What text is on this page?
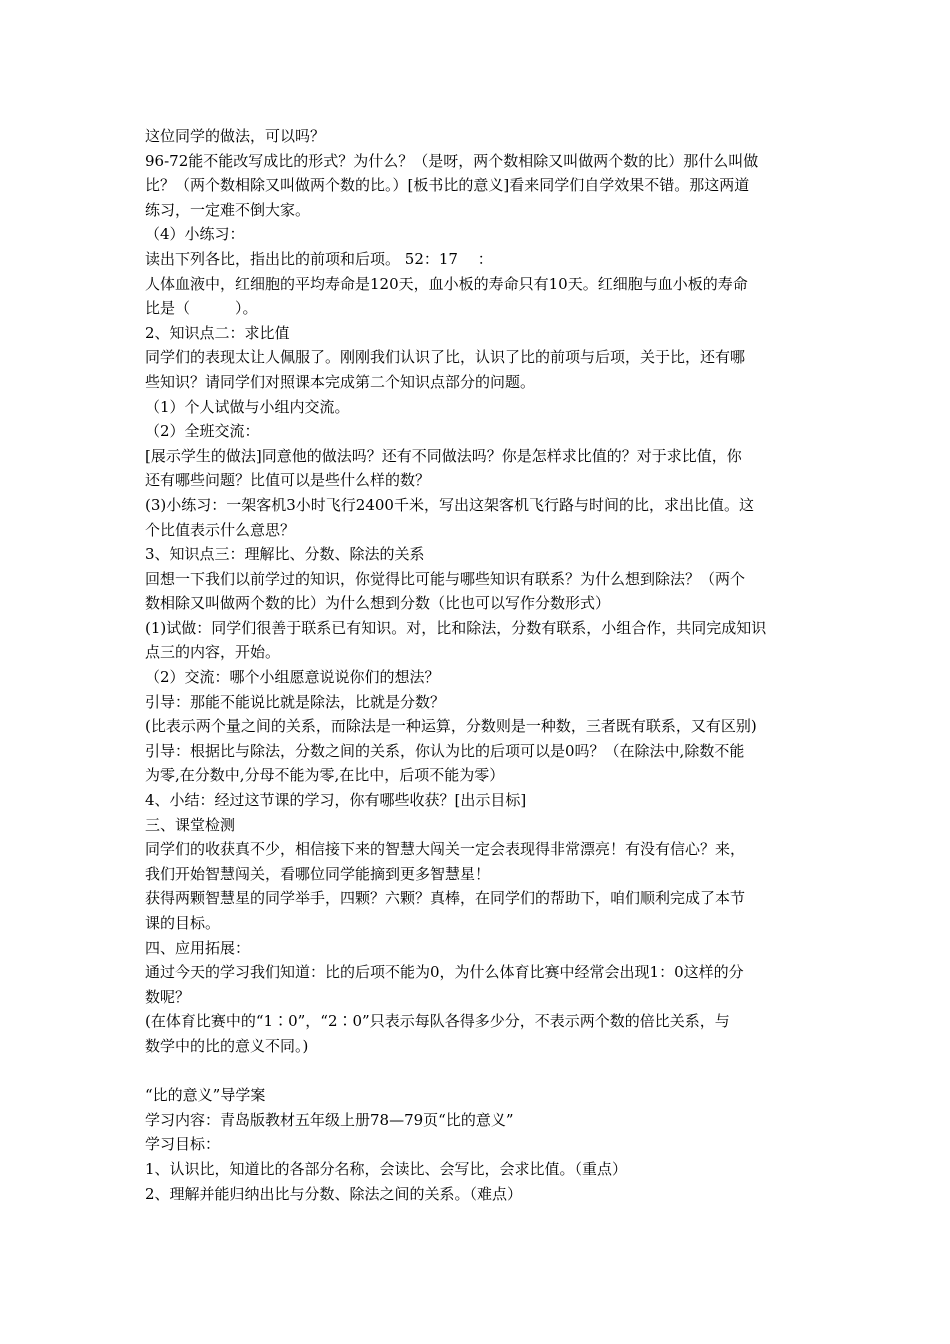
这位同学的做法，可以吗？
96-72能不能改写成比的形式？为什么？（是呀，两个数相除又叫做两个数的比）那什么叫做
比？（两个数相除又叫做两个数的比。）[板书比的意义]看来同学们自学效果不错。那这两道
练习，一定难不倒大家。
（4）小练习：
读出下列各比，指出比的前项和后项。 52：17 　：
人体血液中，红细胞的平均寿命是120天，血小板的寿命只有10天。红细胞与血小板的寿命
比是（　　　）。
2、知识点二：求比值
同学们的表现太让人佩服了。刚刚我们认识了比，认识了比的前项与后项，关于比，还有哪
些知识？请同学们对照课本完成第二个知识点部分的问题。
（1）个人试做与小组内交流。
（2）全班交流：
[展示学生的做法]同意他的做法吗？还有不同做法吗？你是怎样求比值的？对于求比值，你
还有哪些问题？比值可以是些什么样的数？
(3)小练习：一架客机3小时飞行2400千米，写出这架客机飞行路与时间的比，求出比值。这
个比值表示什么意思？
3、知识点三：理解比、分数、除法的关系
回想一下我们以前学过的知识，你觉得比可能与哪些知识有联系？为什么想到除法？（两个
数相除又叫做两个数的比）为什么想到分数（比也可以写作分数形式）
(1)试做：同学们很善于联系已有知识。对，比和除法，分数有联系，小组合作，共同完成知识
点三的内容，开始。
（2）交流：哪个小组愿意说说你们的想法？
引导：那能不能说比就是除法，比就是分数？
(比表示两个量之间的关系，而除法是一种运算，分数则是一种数，三者既有联系，又有区别)
引导：根据比与除法，分数之间的关系，你认为比的后项可以是0吗？（在除法中,除数不能
为零,在分数中,分母不能为零,在比中，后项不能为零）
4、小结：经过这节课的学习，你有哪些收获？[出示目标]
三、课堂检测
同学们的收获真不少，相信接下来的智慧大闯关一定会表现得非常漂亮！有没有信心？来，
我们开始智慧闯关，看哪位同学能摘到更多智慧星！
获得两颗智慧星的同学举手，四颗？六颗？真棒，在同学们的帮助下，咱们顺利完成了本节
课的目标。
四、应用拓展：
通过今天的学习我们知道：比的后项不能为0，为什么体育比赛中经常会出现1：0这样的分
数呢？
(在体育比赛中的“1∶0”，“2∶0”只表示每队各得多少分，不表示两个数的倍比关系，与
数学中的比的意义不同。)
“比的意义”导学案
学习内容：青岛版教材五年级上册78—79页“比的意义”
学习目标：
1、认识比，知道比的各部分名称，会读比、会写比，会求比值。（重点）
2、理解并能归纳出比与分数、除法之间的关系。（难点）
